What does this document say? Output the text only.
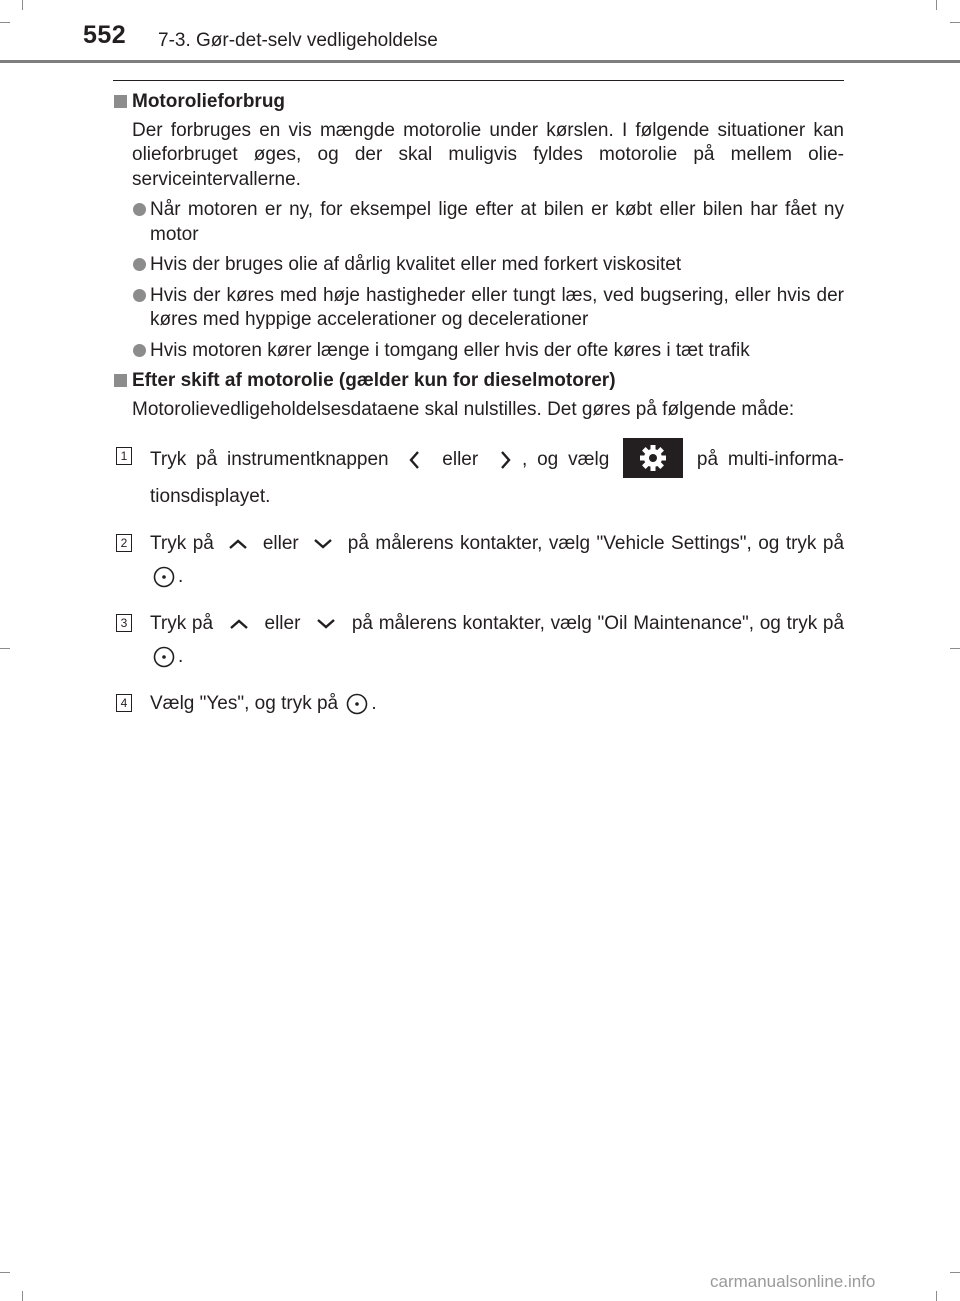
552 7-3. Gør-det-selv vedligeholdelse

Motorolieforbrug

Der forbruges en vis mængde motorolie under kørslen. I følgende situationer kan olieforbruget øges, og der skal muligvis fyldes motorolie på mellem olie-serviceintervallerne.

Når motoren er ny, for eksempel lige efter at bilen er købt eller bilen har fået ny motor
Hvis der bruges olie af dårlig kvalitet eller med forkert viskositet
Hvis der køres med høje hastigheder eller tungt læs, ved bugsering, eller hvis der køres med hyppige accelerationer og decelerationer
Hvis motoren kører længe i tomgang eller hvis der ofte køres i tæt trafik

Efter skift af motorolie (gælder kun for dieselmotorer)

Motorolievedligeholdelsesdataene skal nulstilles. Det gøres på følgende måde:

1 Tryk på instrumentknappen	eller , og vælg	på multi-informa-tionsdisplayet.
2 Tryk på	eller	på målerens kontakter, vælg "Vehicle Settings", og tryk på .
3 Tryk på	eller	på målerens kontakter, vælg "Oil Maintenance", og tryk på .
4 Vælg "Yes", og tryk på .
carmanualsonline.info
